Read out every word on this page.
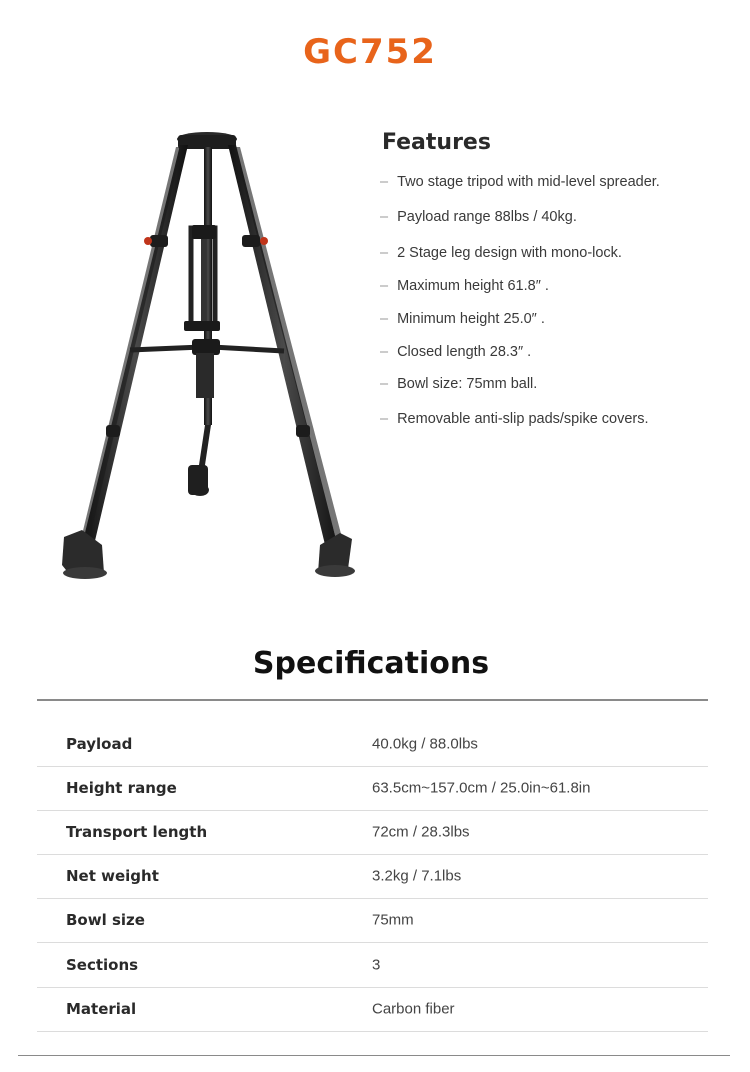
GC752
Features
– Two stage tripod with mid-level spreader.
– Payload range 88lbs / 40kg.
– 2 Stage leg design with mono-lock.
– Maximum height 61.8″ .
– Minimum height 25.0″ .
– Closed length 28.3″ .
– Bowl size: 75mm ball.
– Removable anti-slip pads/spike covers.
Specifications
Payload	40.0kg / 88.0lbs
Height range	63.5cm~157.0cm / 25.0in~61.8in
Transport length	72cm / 28.3lbs
Net weight	3.2kg / 7.1lbs
Bowl size	75mm
Sections	3
Material	Carbon fiber
